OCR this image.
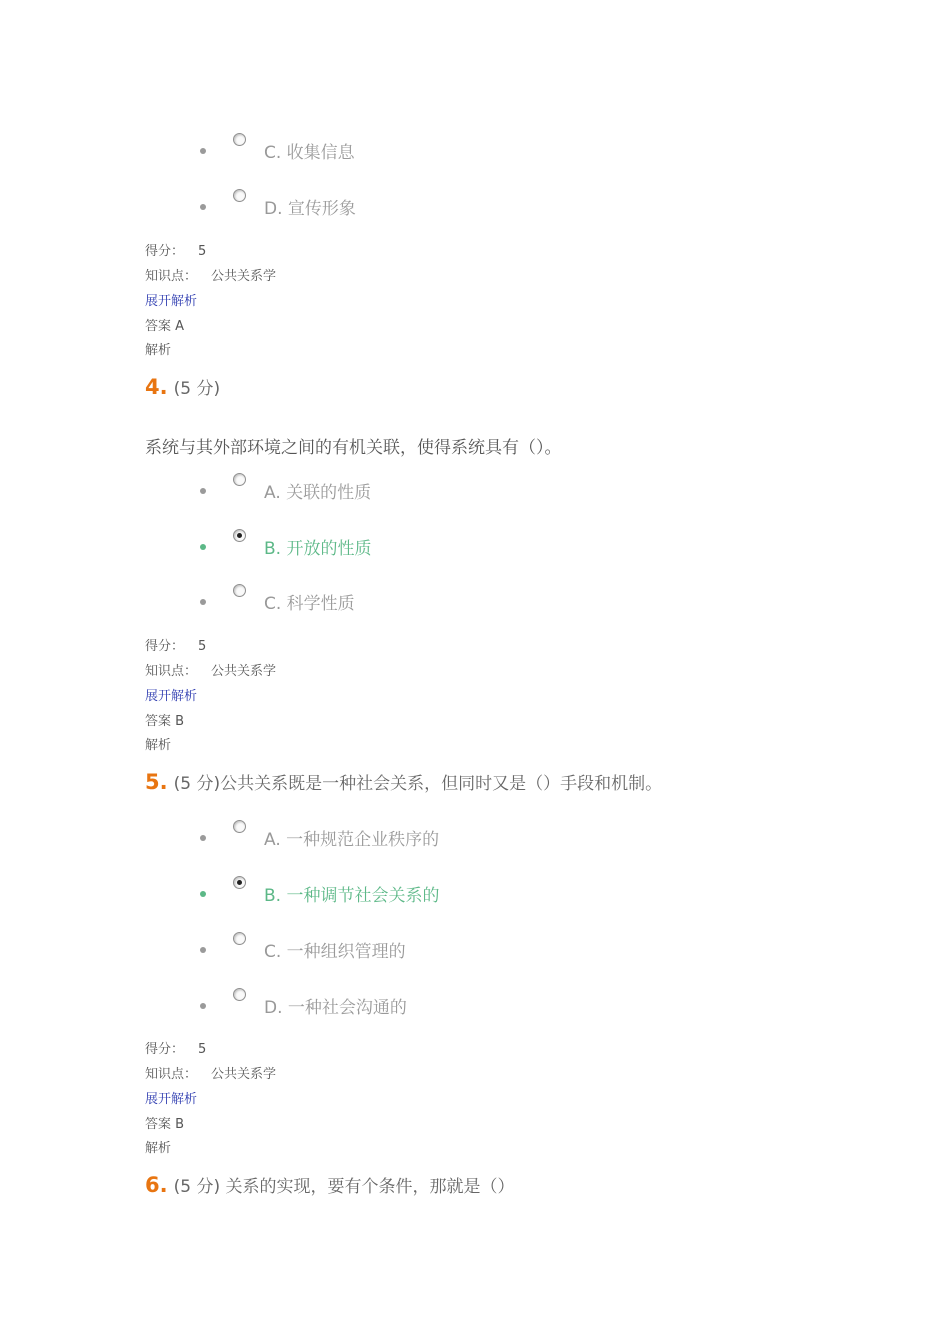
C. 收集信息
D. 宣传形象
得分： 5
知识点： 公共关系学
展开解析
答案 A
解析
4. (5 分)
系统与其外部环境之间的有机关联，使得系统具有（）。
A. 关联的性质
B. 开放的性质
C. 科学性质
得分： 5
知识点： 公共关系学
展开解析
答案 B
解析
5. (5 分)公共关系既是一种社会关系，但同时又是（）手段和机制。
A. 一种规范企业秩序的
B. 一种调节社会关系的
C. 一种组织管理的
D. 一种社会沟通的
得分： 5
知识点： 公共关系学
展开解析
答案 B
解析
6. (5 分) 关系的实现，要有个条件，那就是（）
